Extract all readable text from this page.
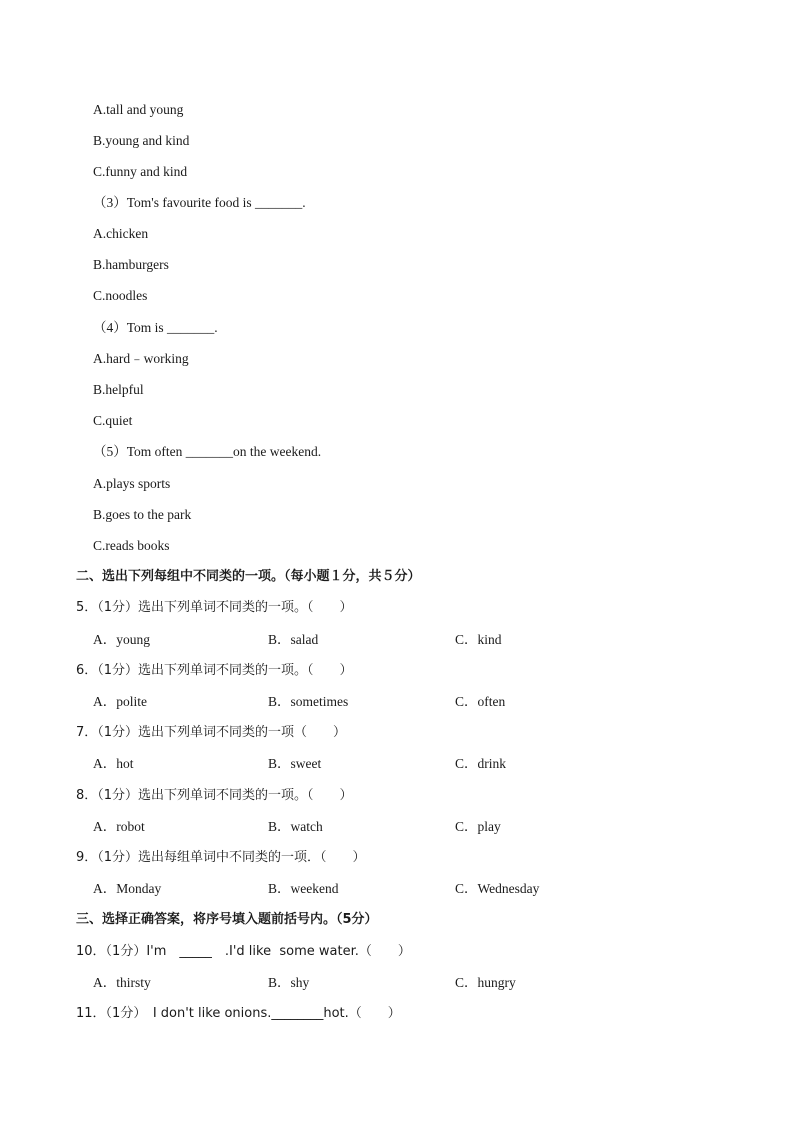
A.tall and young
B.young and kind
C.funny and kind
（3）Tom's favourite food is _______.
A.chicken
B.hamburgers
C.noodles
（4）Tom is _______.
A.hard﹣working
B.helpful
C.quiet
（5）Tom often _______on the weekend.
A.plays sports
B.goes to the park
C.reads books
二、选出下列每组中不同类的一项。（每小题１分，共５分）
5．（1分）选出下列单词不同类的一项。（　　）
A．young	B．salad	C．kind
6．（1分）选出下列单词不同类的一项。（　　）
A．polite	B．sometimes	C．often
7．（1分）选出下列单词不同类的一项（　　）
A．hot	B．sweet	C．drink
8．（1分）选出下列单词不同类的一项。（　　）
A．robot	B．watch	C．play
9．（1分）选出每组单词中不同类的一项．（　　）
A．Monday	B．weekend	C．Wednesday
三、选择正确答案，将序号填入题前括号内。（5分）
10．（1分）I'm　_____　.I'd like  some water.（　　）
A．thirsty	B．shy	C．hungry
11．（1分）　I don't like onions.________hot.（　　）
